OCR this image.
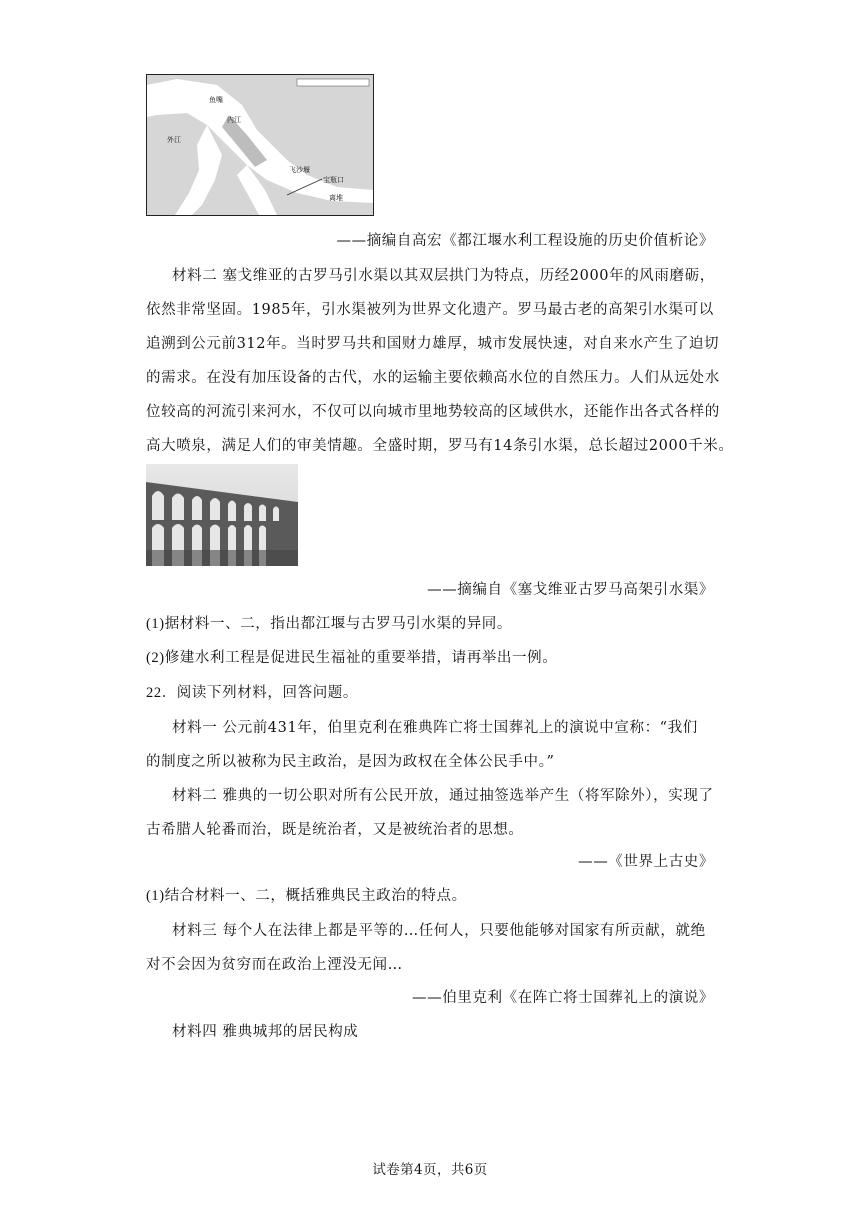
鱼嘴
内江
外江
飞沙堰
宝瓶口
离堆
——摘编自高宏《都江堰水利工程设施的历史价值析论》
材料二 塞戈维亚的古罗马引水渠以其双层拱门为特点，历经2000年的风雨磨砺，
依然非常坚固。1985年，引水渠被列为世界文化遗产。罗马最古老的高架引水渠可以
追溯到公元前312年。当时罗马共和国财力雄厚，城市发展快速，对自来水产生了迫切
的需求。在没有加压设备的古代，水的运输主要依赖高水位的自然压力。人们从远处水
位较高的河流引来河水，不仅可以向城市里地势较高的区域供水，还能作出各式各样的
高大喷泉，满足人们的审美情趣。全盛时期，罗马有14条引水渠，总长超过2000千米。
——摘编自《塞戈维亚古罗马高架引水渠》
(1)据材料一、二，指出都江堰与古罗马引水渠的异同。
(2)修建水利工程是促进民生福祉的重要举措，请再举出一例。
22．阅读下列材料，回答问题。
材料一 公元前431年，伯里克利在雅典阵亡将士国葬礼上的演说中宣称：“我们
的制度之所以被称为民主政治，是因为政权在全体公民手中。”
材料二 雅典的一切公职对所有公民开放，通过抽签选举产生（将军除外），实现了
古希腊人轮番而治，既是统治者，又是被统治者的思想。
——《世界上古史》
(1)结合材料一、二，概括雅典民主政治的特点。
材料三 每个人在法律上都是平等的…任何人，只要他能够对国家有所贡献，就绝
对不会因为贫穷而在政治上湮没无闻…
——伯里克利《在阵亡将士国葬礼上的演说》
材料四 雅典城邦的居民构成
试卷第4页，共6页
